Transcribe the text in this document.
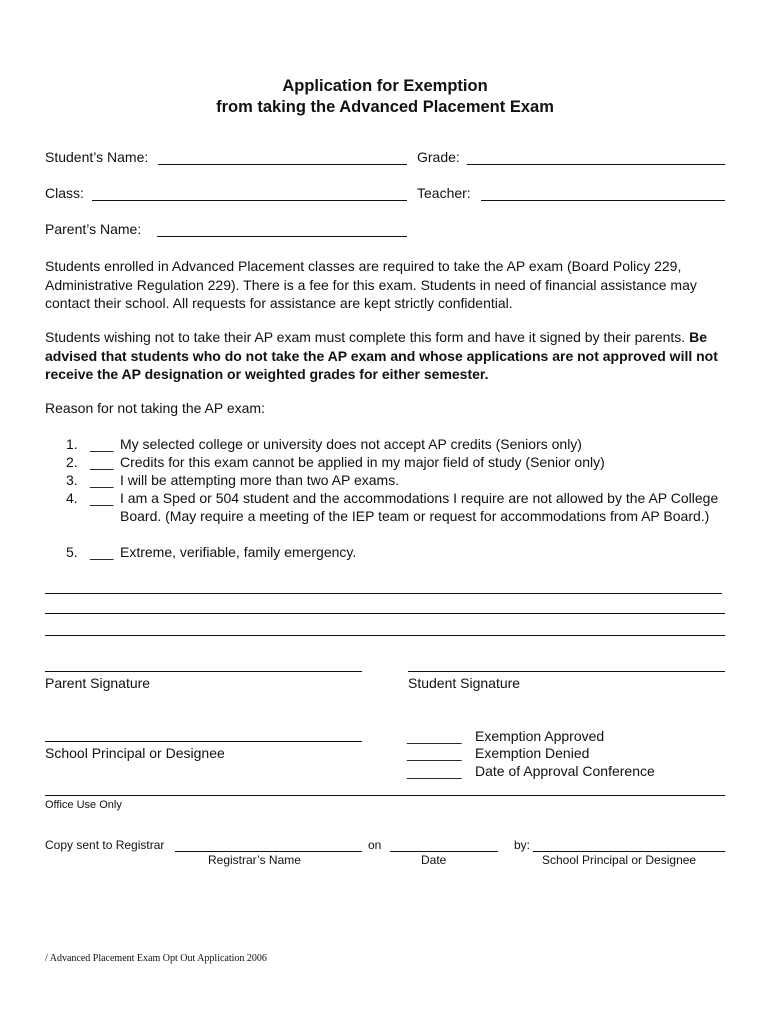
Application for Exemption
from taking the Advanced Placement Exam
Student’s Name:	Grade:
Class:	Teacher:
Parent’s Name:
Students enrolled in Advanced Placement classes are required to take the AP exam (Board Policy 229, Administrative Regulation 229). There is a fee for this exam. Students in need of financial assistance may contact their school. All requests for assistance are kept strictly confidential.
Students wishing not to take their AP exam must complete this form and have it signed by their parents. Be advised that students who do not take the AP exam and whose applications are not approved will not receive the AP designation or weighted grades for either semester.
Reason for not taking the AP exam:
1. ___ My selected college or university does not accept AP credits (Seniors only)
2. ___ Credits for this exam cannot be applied in my major field of study (Senior only)
3. ___ I will be attempting more than two AP exams.
4. ___ I am a Sped or 504 student and the accommodations I require are not allowed by the AP College Board. (May require a meeting of the IEP team or request for accommodations from AP Board.)
5. ___ Extreme, verifiable, family emergency.
Parent Signature	Student Signature
School Principal or Designee
_______ Exemption Approved
_______ Exemption Denied
_______ Date of Approval Conference
Office Use Only
Copy sent to Registrar	on	by:
Registrar’s Name	Date	School Principal or Designee
/ Advanced Placement Exam Opt Out Application 2006
